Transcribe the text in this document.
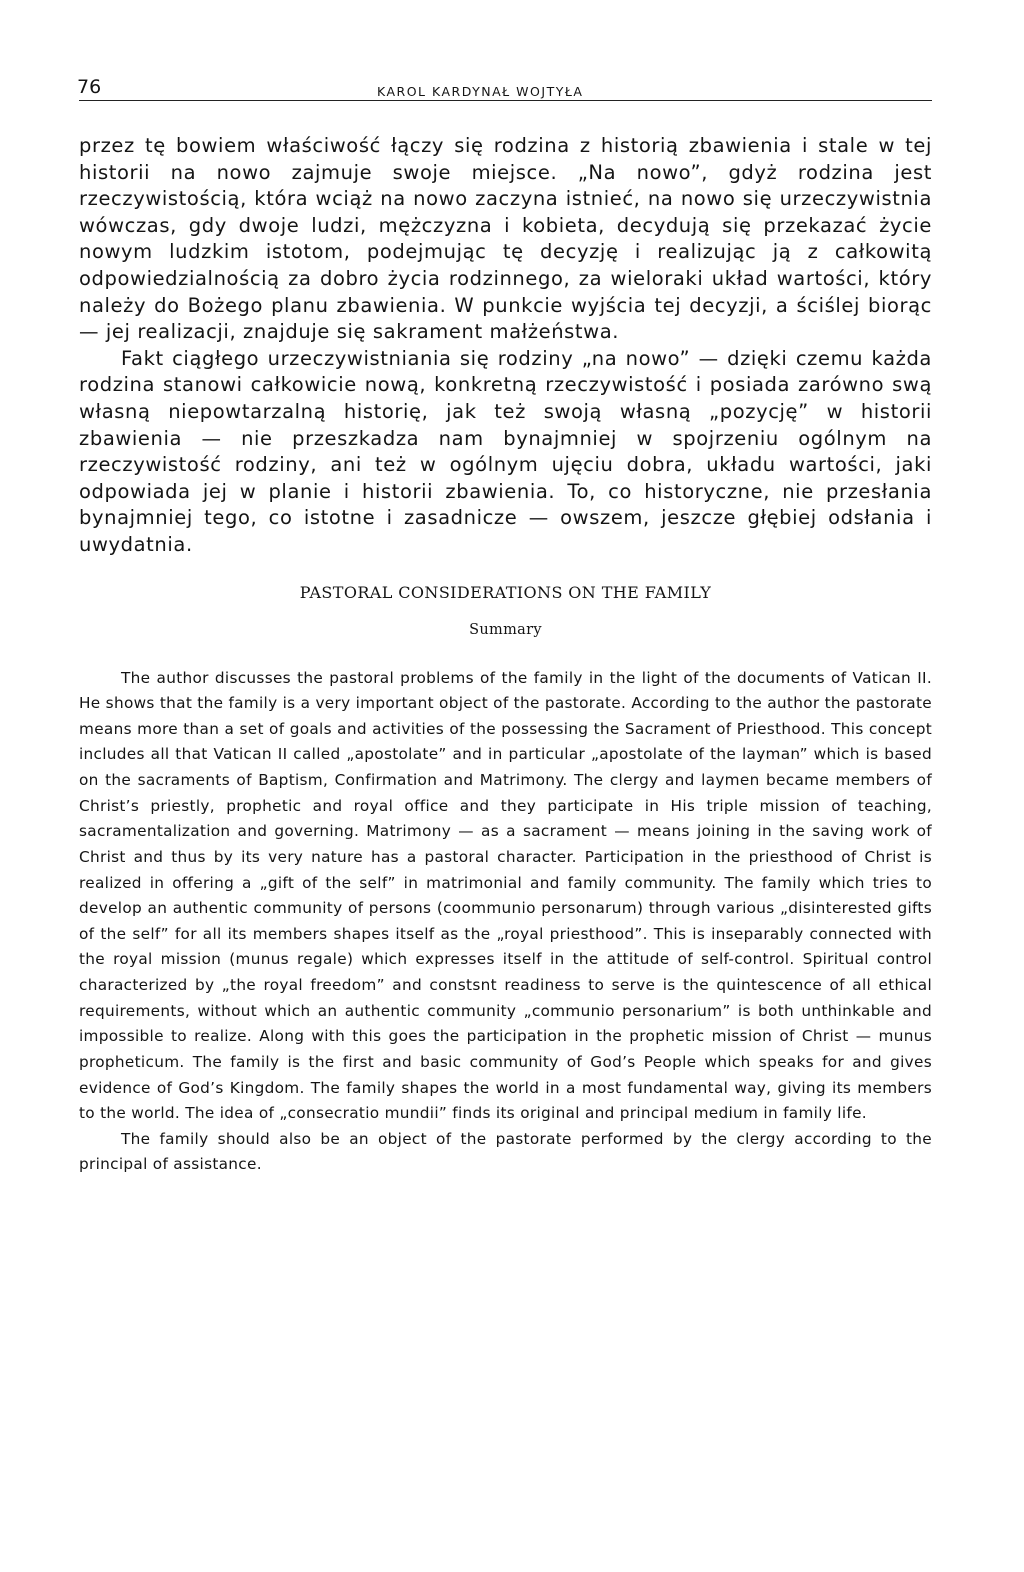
76	KAROL KARDYNAŁ WOJTYŁA

przez tę bowiem właściwość łączy się rodzina z historią zbawienia i stale w tej historii na nowo zajmuje swoje miejsce. „Na nowo”, gdyż rodzina jest rzeczywistością, która wciąż na nowo zaczyna istnieć, na nowo się urzeczywistnia wówczas, gdy dwoje ludzi, mężczyzna i kobieta, decydują się przekazać życie nowym ludzkim istotom, podejmując tę decyzję i realizując ją z całkowitą odpowiedzialnością za dobro życia rodzinnego, za wieloraki układ wartości, który należy do Bożego planu zbawienia. W punkcie wyjścia tej decyzji, a ściślej biorąc — jej realizacji, znajduje się sakrament małżeństwa.

Fakt ciągłego urzeczywistniania się rodziny „na nowo” — dzięki czemu każda rodzina stanowi całkowicie nową, konkretną rzeczywistość i posiada zarówno swą własną niepowtarzalną historię, jak też swoją własną „pozycję” w historii zbawienia — nie przeszkadza nam bynajmniej w spojrzeniu ogólnym na rzeczywistość rodziny, ani też w ogólnym ujęciu dobra, układu wartości, jaki odpowiada jej w planie i historii zbawienia. To, co historyczne, nie przesłania bynajmniej tego, co istotne i zasadnicze — owszem, jeszcze głębiej odsłania i uwydatnia.

PASTORAL CONSIDERATIONS ON THE FAMILY
Summary

The author discusses the pastoral problems of the family in the light of the documents of Vatican II. He shows that the family is a very important object of the pastorate. According to the author the pastorate means more than a set of goals and activities of the possessing the Sacrament of Priesthood. This concept includes all that Vatican II called „apostolate” and in particular „apostolate of the layman” which is based on the sacraments of Baptism, Confirmation and Matrimony. The clergy and laymen became members of Christ’s priestly, prophetic and royal office and they participate in His triple mission of teaching, sacramentalization and governing. Matrimony — as a sacrament — means joining in the saving work of Christ and thus by its very nature has a pastoral character. Participation in the priesthood of Christ is realized in offering a „gift of the self” in matrimonial and family community. The family which tries to develop an authentic community of persons (coommunio personarum) through various „disinterested gifts of the self” for all its members shapes itself as the „royal priesthood”. This is inseparably connected with the royal mission (munus regale) which expresses itself in the attitude of self-control. Spiritual control characterized by „the royal freedom” and constsnt readiness to serve is the quintescence of all ethical requirements, without which an authentic community „communio personarium” is both unthinkable and impossible to realize. Along with this goes the participation in the prophetic mission of Christ — munus propheticum. The family is the first and basic community of God’s People which speaks for and gives evidence of God’s Kingdom. The family shapes the world in a most fundamental way, giving its members to the world. The idea of „consecratio mundii” finds its original and principal medium in family life.

The family should also be an object of the pastorate performed by the clergy according to the principal of assistance.
